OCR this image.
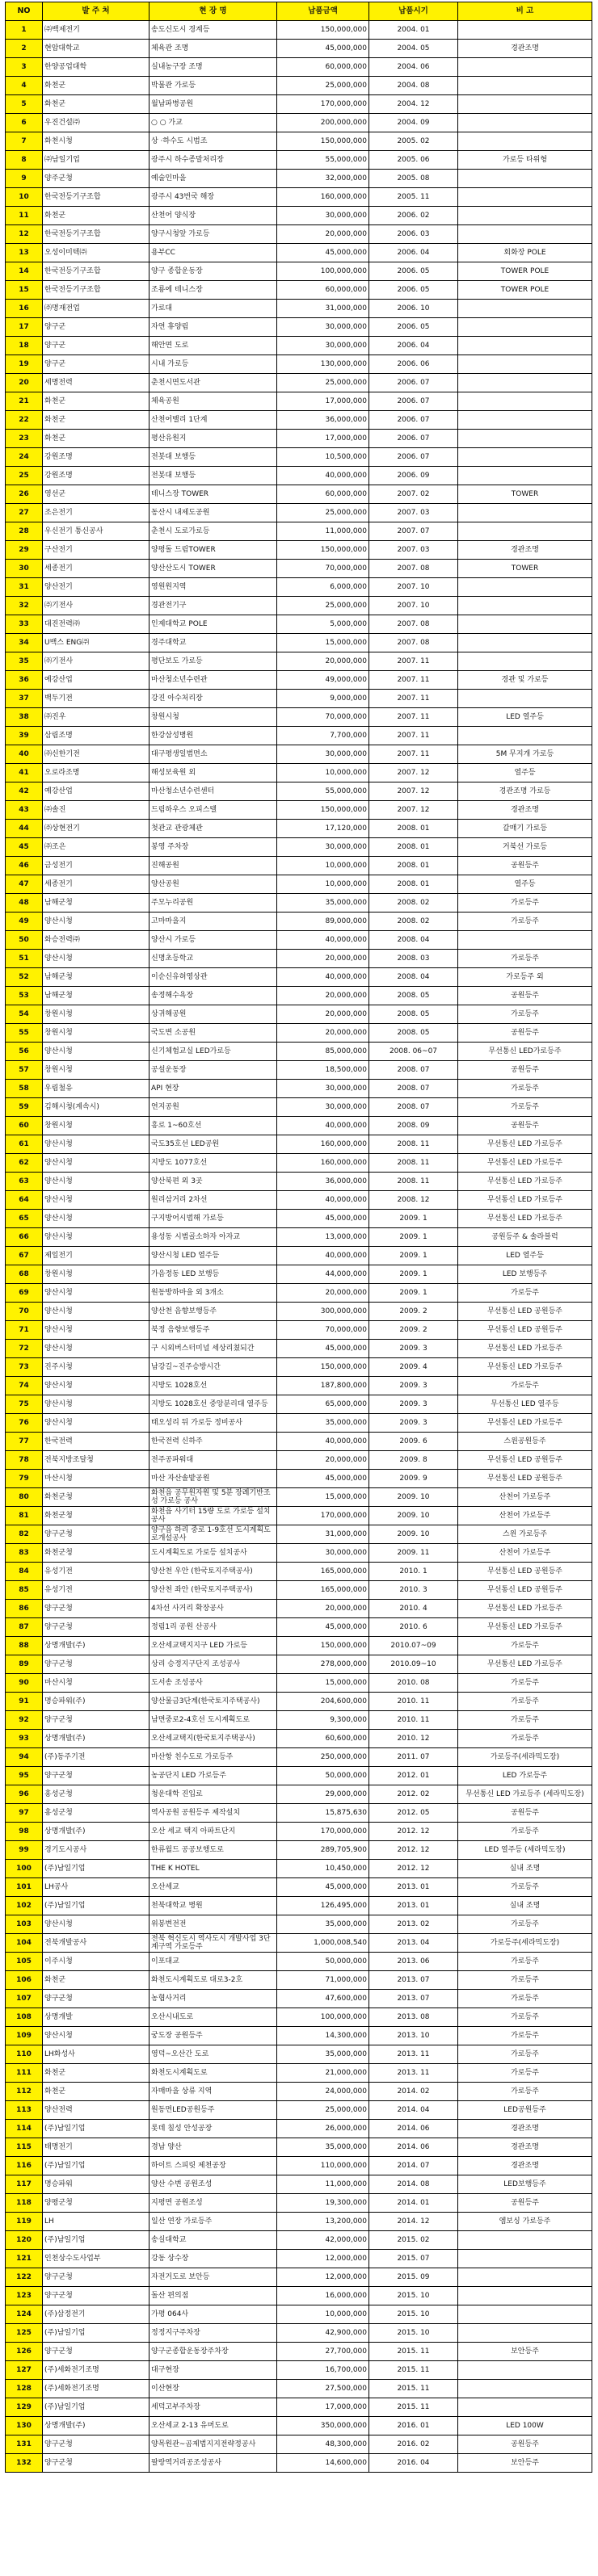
NO	발 주 처	현 장 명	납품금액	납품시기	비 고
1	㈜백제전기	송도신도시 경계등	150,000,000	2004. 01	
2	현암대학교	체육관 조명	45,000,000	2004. 05	경관조명
3	한양공업대학	실내농구장 조명	60,000,000	2004. 06	
4	화천군	박물관 가로등	25,000,000	2004. 08	
5	화천군	월남파병공원	170,000,000	2004. 12	
6	우진건설㈜	○ ○ 가교	200,000,000	2004. 09	
7	화천시청	상 ·하수도 시범조	150,000,000	2005. 02	
8	㈜남일기업	광주시 하수종말처리장	55,000,000	2005. 06	가로등 타위형
9	양주군청	예술인마을	32,000,000	2005. 08	
10	한국전등기구조합	광주시 43번국 해장	160,000,000	2005. 11	
11	화천군	산천어 양식장	30,000,000	2006. 02	
12	한국전등기구조합	양구시청앞 가로등	20,000,000	2006. 03	
13	오성이미텍㈜	용부CC	45,000,000	2006. 04	회화장 POLE
14	한국전등기구조합	양구 종합운동장	100,000,000	2006. 05	TOWER POLE
15	한국전등기구조합	조룡에 테니스장	60,000,000	2006. 05	TOWER POLE
16	㈜명재전업	가로대	31,000,000	2006. 10	
17	양구군	자연 휴양림	30,000,000	2006. 05	
18	양구군	해안면 도로	30,000,000	2006. 04	
19	양구군	시내 가로등	130,000,000	2006. 06	
20	세명전력	춘천시면도서관	25,000,000	2006. 07	
21	화천군	체육공원	17,000,000	2006. 07	
22	화천군	산천어밸리 1단계	36,000,000	2006. 07	
23	화천군	평산유원지	17,000,000	2006. 07	
24	강원조명	전봇대 보행등	10,500,000	2006. 07	
25	강원조명	전봇대 보행등	40,000,000	2006. 09	
26	영선군	테니스장 TOWER	60,000,000	2007. 02	TOWER
27	조은전기	동산시 내제도공원	25,000,000	2007. 03	
28	우신전기 통신공사	춘천시 도로가로등	11,000,000	2007. 07	
29	구산전기	양평돌 드림TOWER	150,000,000	2007. 03	경관조명
30	세종전기	양산산도시 TOWER	70,000,000	2007. 08	TOWER
31	양산전기	영원원지역	6,000,000	2007. 10	
32	㈜기전사	경관전기구	25,000,000	2007. 10	
33	대진전력㈜	인제대학교 POLE	5,000,000	2007. 08	
34	U백스 ENG㈜	경주대학교	15,000,000	2007. 08	
35	㈜기전사	평단보도 가로등	20,000,000	2007. 11	
36	예강산업	마산청소년수련관	49,000,000	2007. 11	경관 및 가로등
37	백두기전	강진 아수처리장	9,000,000	2007. 11	
38	㈜진우	창원시청	70,000,000	2007. 11	LED 열주등
39	삼림조명	한강삼성병원	7,700,000	2007. 11	
40	㈜신한기전	대구평생일범면소	30,000,000	2007. 11	5M 무지개 가로등
41	오로라조명	해성보육원 외	10,000,000	2007. 12	열주등
42	예강산업	마산청소년수련센터	55,000,000	2007. 12	경관조명 가로등
43	㈜솔진	드림하우스 오피스텔	150,000,000	2007. 12	경관조명
44	㈜상현전기	첫관교 관광체관	17,120,000	2008. 01	갈매기 가로등
45	㈜조은	봉영 주차장	30,000,000	2008. 01	거북선 가로등
46	금성전기	진해공원	10,000,000	2008. 01	공원등주
47	세종전기	양산공원	10,000,000	2008. 01	열주등
48	남해군청	주모누리공원	35,000,000	2008. 02	가로등주
49	양산시청	고마마을지	89,000,000	2008. 02	가로등주
50	화승전력㈜	양산시 가로등	40,000,000	2008. 04	
51	양산시청	신명초등학교	20,000,000	2008. 03	가로등주
52	남해군청	이순신유허영상관	40,000,000	2008. 04	가로등주 외
53	남해군청	송정해수욕장	20,000,000	2008. 05	공원등주
54	창원시청	상귀해공원	20,000,000	2008. 05	가로등주
55	창원시청	국도변 소공원	20,000,000	2008. 05	공원등주
56	양산시청	신기체험교실 LED가로등	85,000,000	2008. 06~07	무선통신 LED가로등주
57	창원시청	공설운동장	18,500,000	2008. 07	공원등주
58	우림철유	API 현장	30,000,000	2008. 07	가로등주
59	김해시청(계속시)	연지공원	30,000,000	2008. 07	가로등주
60	창원시청	흥로 1~60호선	40,000,000	2008. 09	공원등주
61	양산시청	국도35호선 LED공원	160,000,000	2008. 11	무선통신 LED 가로등주
62	양산시청	지방도 1077호선	160,000,000	2008. 11	무선통신 LED 가로등주
63	양산시청	양산북편 외 3곳	36,000,000	2008. 11	무선통신 LED 가로등주
64	양산시청	원리삼거리 2차선	40,000,000	2008. 12	무선통신 LED 가로등주
65	양산시청	구지방어시범해 가로등	45,000,000	2009. 1	무선통신 LED 가로등주
66	양산시청	용성동 시범골소하자 아자교	13,000,000	2009. 1	공원등주 & 솔라블럭
67	제일전기	양산시청 LED 열주등	40,000,000	2009. 1	LED 열주등
68	창원시청	가음정동 LED 보행등	44,000,000	2009. 1	LED 보행등주
69	양산시청	원동방하마을 외 3개소	20,000,000	2009. 1	가로등주
70	양산시청	양산천 음향보행등주	300,000,000	2009. 2	무선통신 LED 공원등주
71	양산시청	북정 음향보행등주	70,000,000	2009. 2	무선통신 LED 공원등주
72	양산시청	구 시외버스터미널 세상리쳤되간	45,000,000	2009. 3	무선통신 LED 가로등주
73	진주시청	남강길~진주승방시간	150,000,000	2009. 4	무선통신 LED 가로등주
74	양산시청	지방도 1028호선	187,800,000	2009. 3	가로등주
75	양산시청	지방도 1028호선 중앙분리대 열주등	65,000,000	2009. 3	무선통신 LED 열주등
76	양산시청	태오성리 뒤 가로등 정비공사	35,000,000	2009. 3	무선통신 LED 가로등주
77	한국전력	한국전력 신하주	40,000,000	2009. 6	스윈공원등주
78	전북지방조달청	전주공파워대	20,000,000	2009. 8	무선통신 LED 공원등주
79	마산시청	마산 자산솔밭공원	45,000,000	2009. 9	무선통신 LED 공원등주
80	화천군청	화천읍 공무원자원 및 5분 장례기반조성 가로등 공사	15,000,000	2009. 10	산천어 가로등주
81	화천군청	화천읍 사기터 15량 도로 가로등 설치공사	170,000,000	2009. 10	산천어 가로등주
82	양구군청	양구읍 하리 중로 1-9호선 도시계획도로개설공사	31,000,000	2009. 10	스윈 가로등주
83	화천군청	도시계획도로 가로등 설치공사	30,000,000	2009. 11	산천어 가로등주
84	유성기전	양산천 우안 (한국토지주택공사)	165,000,000	2010. 1	무선통신 LED 공원등주
85	유성기전	양산천 좌안 (한국토지주택공사)	165,000,000	2010. 3	무선통신 LED 공원등주
86	양구군청	4차선 사거리 확장공사	20,000,000	2010. 4	무선통신 LED 가로등주
87	양구군청	정림1리 공원 산공사	45,000,000	2010. 6	무선통신 LED 가로등주
88	상명개발(주)	오산세교택지지구 LED 가로등	150,000,000	2010.07~09	가로등주
89	양구군청	상리 승정지구단지 조성공사	278,000,000	2010.09~10	무선통신 LED 가로등주
90	마산시청	도서송 조성공사	15,000,000	2010. 08	가로등주
91	명승파워(주)	양산물금3단계(한국토지주택공사)	204,600,000	2010. 11	가로등주
92	양구군청	남면중로2-4호선 도시계획도로	9,300,000	2010. 11	가로등주
93	상명개발(주)	오산세교택지(한국토지주택공사)	60,600,000	2010. 12	가로등주
94	(주)동주기전	마산항 친수도로 가로등주	250,000,000	2011. 07	가로등주(세라믹도장)
95	양구군청	농공단지 LED 가로등주	50,000,000	2012. 01	LED 가로등주
96	홍성군청	청운대학 진입로	29,000,000	2012. 02	무선통신 LED 가로등주 (세라믹도장)
97	홍성군청	역사공원 공원등주 제작설치	15,875,630	2012. 05	공원등주
98	상명개발(주)	오산 세교 택지 아파트단지	170,000,000	2012. 12	가로등주
99	경기도시공사	한류월드 공공보행도로	289,705,900	2012. 12	LED 열주등 (세라믹도장)
100	(주)남일기업	THE K HOTEL	10,450,000	2012. 12	실내 조명
101	LH공사	오산세교	45,000,000	2013. 01	가로등주
102	(주)남일기업	천북대학교 병원	126,495,000	2013. 01	실내 조명
103	양산시청	위봉변전전	35,000,000	2013. 02	가로등주
104	전북개발공사	전북 혁신도시 역사도시 개발사업 3단계구역 가로등주	1,000,008,540	2013. 04	가로등주(세라믹도장)
105	이주시청	이포대교	50,000,000	2013. 06	가로등주
106	화천군	화천도시계획도로 대로3-2호	71,000,000	2013. 07	가로등주
107	양구군청	농협사거리	47,600,000	2013. 07	가로등주
108	상명개발	오산시내도로	100,000,000	2013. 08	가로등주
109	양산시청	궁도장 공원등주	14,300,000	2013. 10	가로등주
110	LH화성사	영덕~오산간 도로	35,000,000	2013. 11	가로등주
111	화천군	화천도시계획도로	21,000,000	2013. 11	가로등주
112	화천군	자매마을 상류 지역	24,000,000	2014. 02	가로등주
113	양산전력	원동면LED공원등주	25,000,000	2014. 04	LED공원등주
114	(주)남일기업	롯데 칠성 안성공장	26,000,000	2014. 06	경관조명
115	태명전기	경남 양산	35,000,000	2014. 06	경관조명
116	(주)남일기업	하이트 스피릿 제천공장	110,000,000	2014. 07	경관조명
117	명승파워	양산 수변 공원조성	11,000,000	2014. 08	LED보행등주
118	양평군청	지평면 공원조성	19,300,000	2014. 01	공원등주
119	LH	일산 연장 가로등주	13,200,000	2014. 12	엠보싱 가로등주
120	(주)남일기업	송실대학교	42,000,000	2015. 02	
121	인천상수도사업부	강동 상수장	12,000,000	2015. 07	
122	양구군청	자전거도로 보안등	12,000,000	2015. 09	
123	양구군청	돌산 편의점	16,000,000	2015. 10	
124	(주)삼정전기	가평 064사	10,000,000	2015. 10	
125	(주)남일기업	정정지구주차장	42,900,000	2015. 10	
126	양구군청	양구군종합운동장주차장	27,700,000	2015. 11	보안등주
127	(주)세화전기조명	대구현장	16,700,000	2015. 11	
128	(주)세화전기조명	이산현장	27,500,000	2015. 11	
129	(주)남일기업	세덕고부주차장	17,000,000	2015. 11	
130	상명개발(주)	오산세교 2-13 유머도로	350,000,000	2016. 01	LED 100W
131	양구군청	양목원관~곰제법지지전략정공사	48,300,000	2016. 02	공원등주
132	양구군청	팔랑역거리공조성공사	14,600,000	2016. 04	보안등주
